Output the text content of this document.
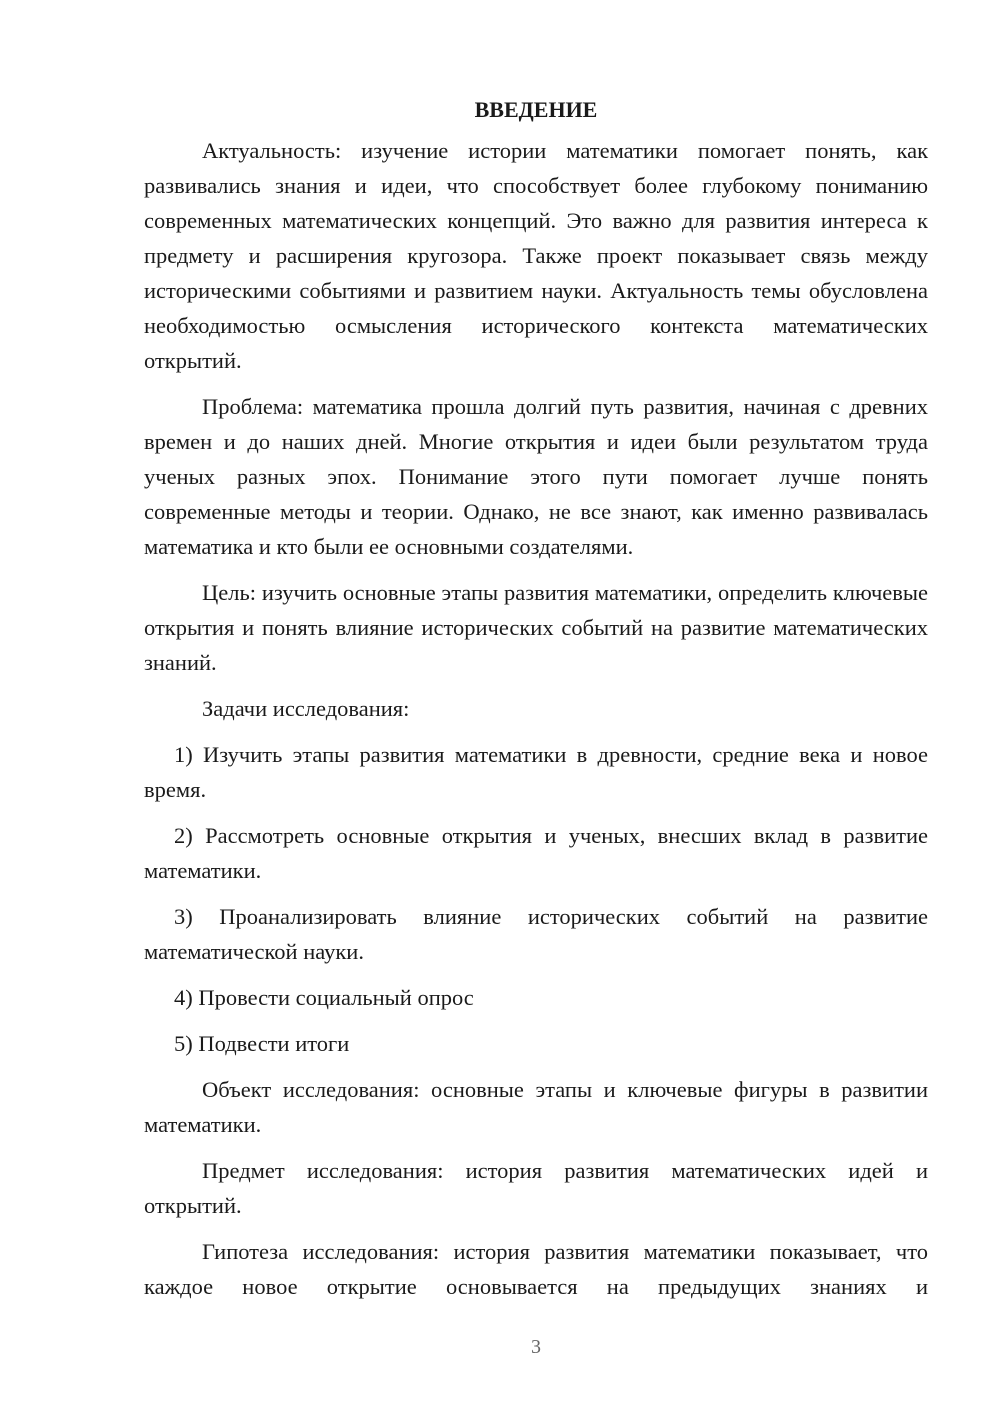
ВВЕДЕНИЕ

Актуальность: изучение истории математики помогает понять, как развивались знания и идеи, что способствует более глубокому пониманию современных математических концепций. Это важно для развития интереса к предмету и расширения кругозора. Также проект показывает связь между историческими событиями и развитием науки. Актуальность темы обусловлена необходимостью осмысления исторического контекста математических открытий.

Проблема: математика прошла долгий путь развития, начиная с древних времен и до наших дней. Многие открытия и идеи были результатом труда ученых разных эпох. Понимание этого пути помогает лучше понять современные методы и теории. Однако, не все знают, как именно развивалась математика и кто были ее основными создателями.

Цель: изучить основные этапы развития математики, определить ключевые открытия и понять влияние исторических событий на развитие математических знаний.

Задачи исследования:

1) Изучить этапы развития математики в древности, средние века и новое время.

2) Рассмотреть основные открытия и ученых, внесших вклад в развитие математики.

3) Проанализировать влияние исторических событий на развитие математической науки.

4) Провести социальный опрос

5) Подвести итоги

Объект исследования: основные этапы и ключевые фигуры в развитии математики.

Предмет исследования: история развития математических идей и открытий.

Гипотеза исследования: история развития математики показывает, что каждое новое открытие основывается на предыдущих знаниях и

3
